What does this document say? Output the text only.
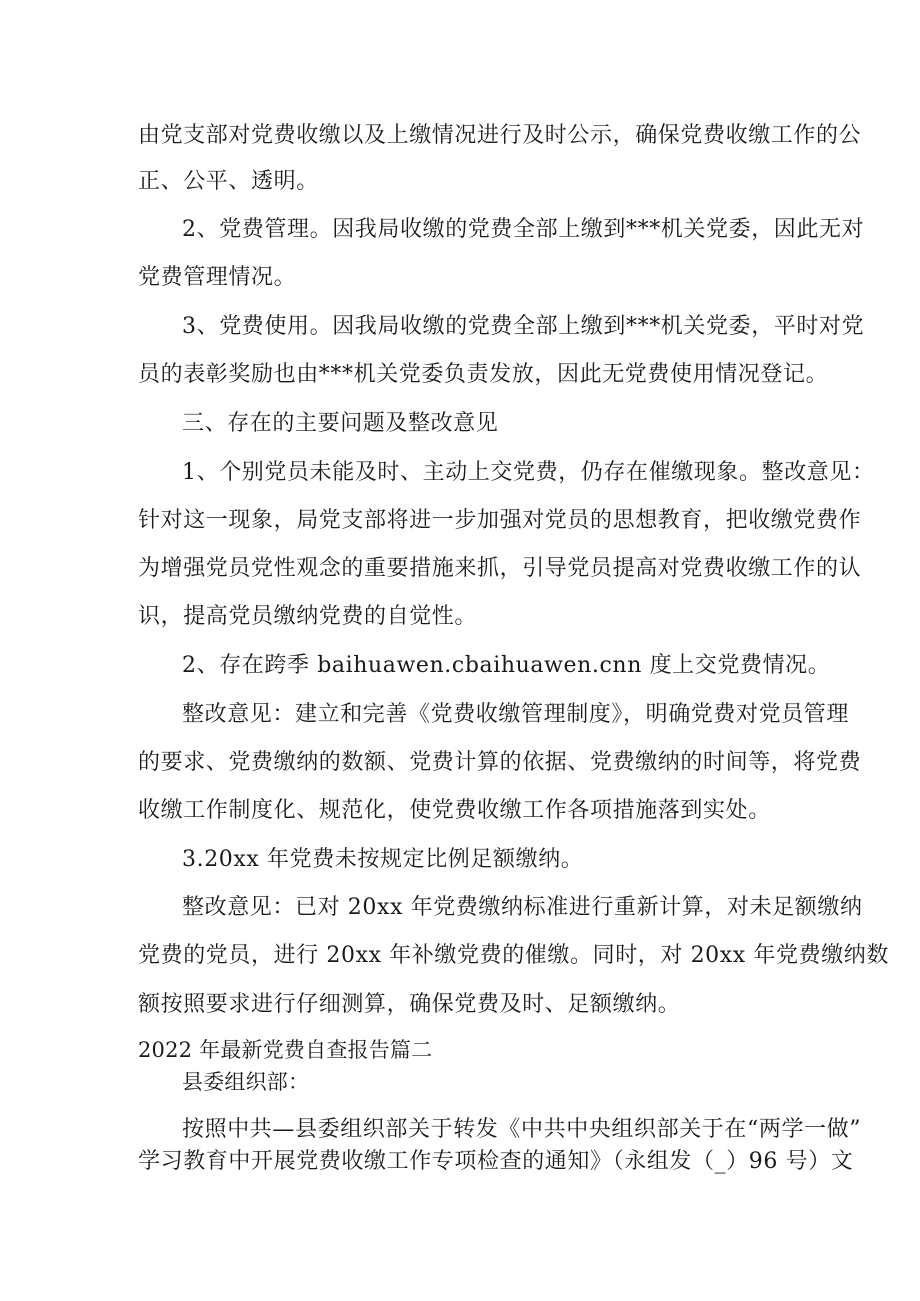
由党支部对党费收缴以及上缴情况进行及时公示，确保党费收缴工作的公
正、公平、透明。
2、党费管理。因我局收缴的党费全部上缴到***机关党委，因此无对
党费管理情况。
3、党费使用。因我局收缴的党费全部上缴到***机关党委，平时对党
员的表彰奖励也由***机关党委负责发放，因此无党费使用情况登记。
三、存在的主要问题及整改意见
1、个别党员未能及时、主动上交党费，仍存在催缴现象。整改意见：
针对这一现象，局党支部将进一步加强对党员的思想教育，把收缴党费作
为增强党员党性观念的重要措施来抓，引导党员提高对党费收缴工作的认
识，提高党员缴纳党费的自觉性。
2、存在跨季 baihuawen.cbaihuawen.cnn 度上交党费情况。
整改意见：建立和完善《党费收缴管理制度》，明确党费对党员管理
的要求、党费缴纳的数额、党费计算的依据、党费缴纳的时间等，将党费
收缴工作制度化、规范化，使党费收缴工作各项措施落到实处。
3.20xx 年党费未按规定比例足额缴纳。
整改意见：已对 20xx 年党费缴纳标准进行重新计算，对未足额缴纳
党费的党员，进行 20xx 年补缴党费的催缴。同时，对 20xx 年党费缴纳数
额按照要求进行仔细测算，确保党费及时、足额缴纳。
2022 年最新党费自查报告篇二
县委组织部：
按照中共—县委组织部关于转发《中共中央组织部关于在“两学一做”
学习教育中开展党费收缴工作专项检查的通知》（永组发（_）96 号）文
